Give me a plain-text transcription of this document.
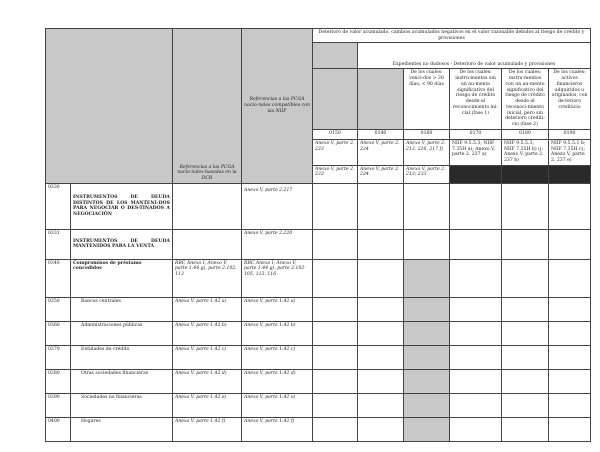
		Referencias a las PCGA nacio-nales basadas en la DCB	Referencias a las PCGA nacio-nales compatibles con las NIIF	Deterioro de valor acumulado, cambios acumulados negativos en el valor razonable debidos al riesgo de crédito y provisiones					
					Expedientes no dudosos - Deterioro de valor acumulado y provisiones				
						De los cuales: venci-dos > 30 días; < 90 días	De los cuales: instru-mentos sin un au-mento significativo del riesgo de crédito desde el reconocimiento ini-cial (fase 1)	De los cuales: instru-mentos con un au-mento significativo del riesgo de crédito desde el reconoci-miento inicial, pero sin deterioro crediti-cio (fase 2)	De los cuales: activos financieros adquiridos u originados, con de-terioro crediticio
				0150	0140	0160	0170	0180	0190
				Anexo V, parte 2. 233	Anexo V, parte 2. 234	Anexo V, parte 2. 213, 216, 217 f)	NIIF 9.5.5.3; NIIF 7.35H a); Anexo V, parte 2. 237 a)	NIIF 9.5.5.3; NIIF 7.35H b) i); Anexo V, parte 2. 237 b)	NIIF 9.5.5.1 b; NIIF 7.35H c); Anexo V, parte 2. 237 e)
				Anexo V, parte 2. 233	Anexo V, parte 2. 234	Anexo V, parte 2. 213; 233			
0330	INSTRUMENTOS DE DEUDA DISTINTOS DE LOS MANTENI-DOS PARA NEGOCIAR O DES-TINADOS A NEGOCIACIÓN		Anexo V, parte 2.217						
0331	INSTRUMENTOS DE DEUDA MANTENIDOS PARA LA VENTA		Anexo V, parte 2.220						
0340	Compromisos de préstamo concedidos	RRC Anexo I; Anexo V, parte 1.44 g), parte 2.102, 113	RRC Anexo I; Anexo V, parte 1.44 g), parte 2.102-105, 113, 116						
0350	Bancos centrales	Anexo V, parte 1.42 a)	Anexo V, parte 1.42 a)						
0360	Administraciones públicas	Anexo V, parte 1.42 b)	Anexo V, parte 1.42 b)						
0370	Entidades de crédito	Anexo V, parte 1.42 c)	Anexo V, parte 1.42 c)						
0380	Otras sociedades financieras	Anexo V, parte 1.42 d)	Anexo V, parte 1.42 d)						
0390	Sociedades no financieras	Anexo V, parte 1.42 e)	Anexo V, parte 1.42 e)						
0400	Hogares	Anexo V, parte 1.42 f)	Anexo V, parte 1.42 f)						
